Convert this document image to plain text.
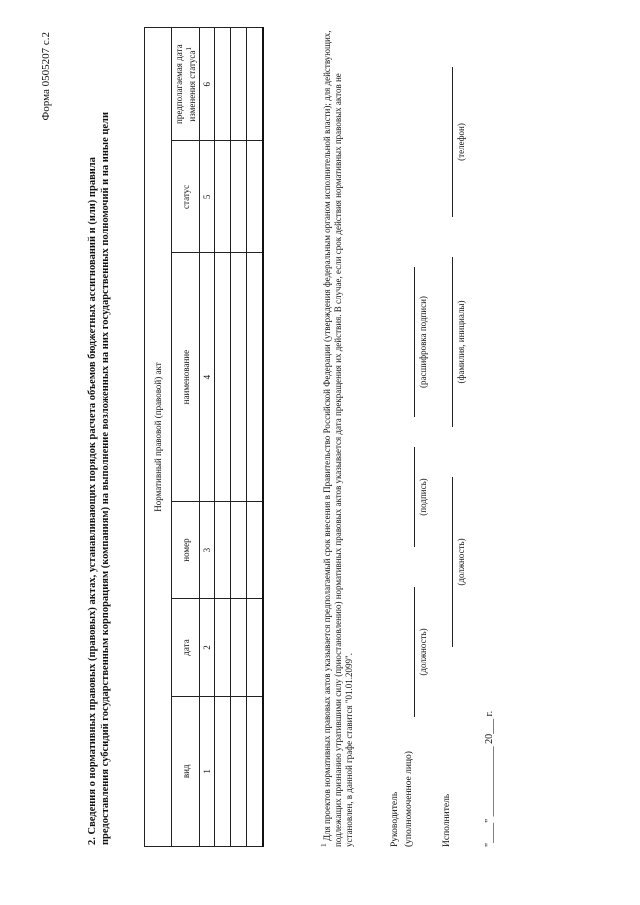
Форма 0505207 с.2
2. Сведения о нормативных правовых (правовых) актах, устанавливающих порядок расчета объемов бюджетных ассигнований и (или) правила предоставления субсидий государственным корпорациям (компаниям) на выполнение возложенных на них государственных полномочий и на иные цели	Нормативный правовой (правовой) акт					
вид	дата	номер	наименование	статус	предполагаемая дата изменения статуса$^1$
1	2	3	4	5	6

$^1$ Для проектов нормативных правовых актов указывается предполагаемый срок внесения в Правительство Российской Федерации (утверждения федеральным органом исполнительной власти); для действующих, подлежащих признанию утратившими силу (приостановлению) нормативных правовых актов указывается дата прекращения их действия. В случае, если срок действия нормативных правовых актов не установлен, в данной графе ставится "01.01.2099".	Руководитель (уполномоченное лицо)
(должность)
(подпись)
(расшифровка подписи)
Исполнитель
(должность)
(фамилия, инициалы)
(телефон)
"____" ______________ 20___ г.
